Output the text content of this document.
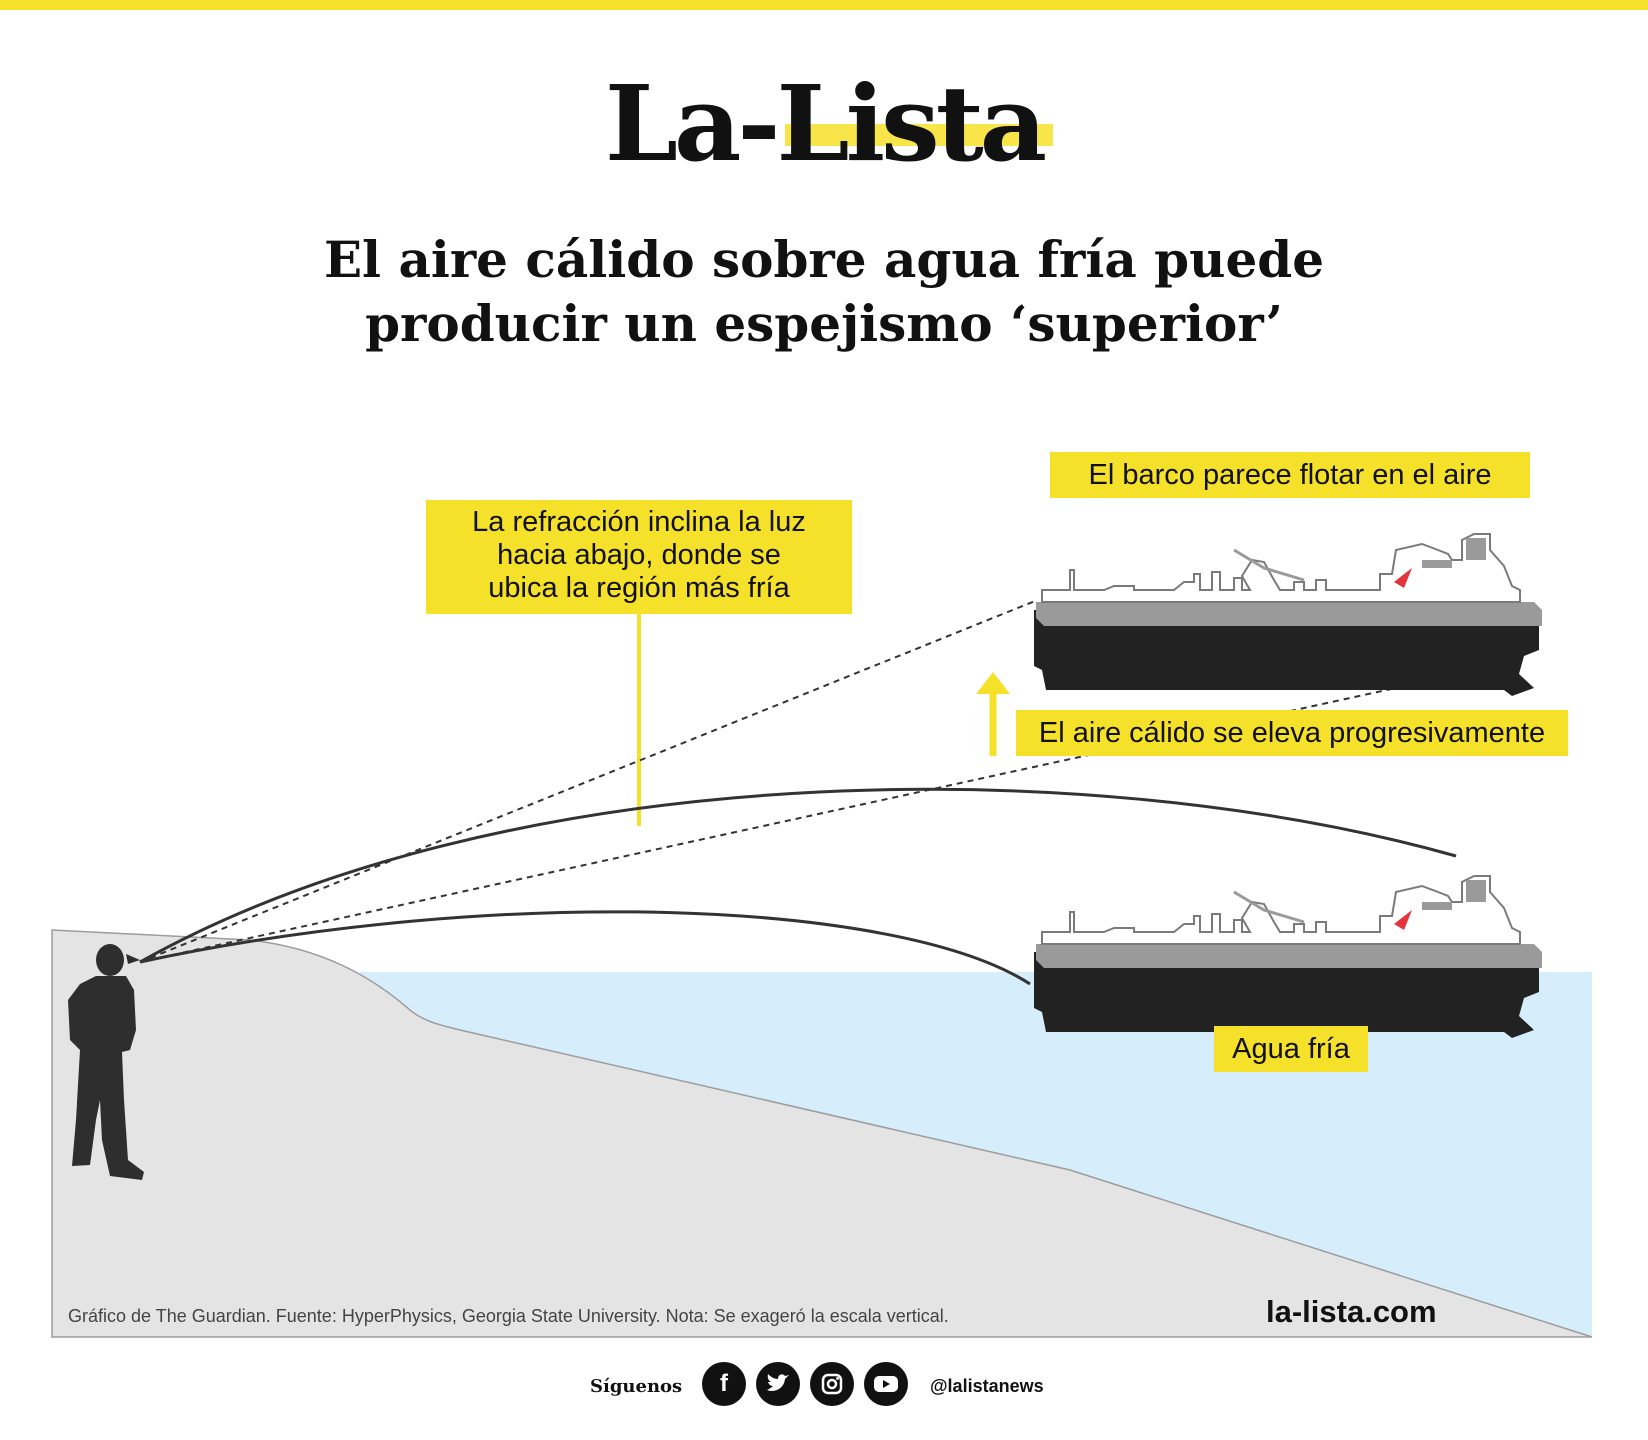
La-Lista
El aire cálido sobre agua fría puede
producir un espejismo ‘superior’
La refracción inclina la luz
hacia abajo, donde se
ubica la región más fría
El barco parece flotar en el aire
El aire cálido se eleva progresivamente
Agua fría
Gráfico de The Guardian. Fuente: HyperPhysics, Georgia State University. Nota: Se exageró la escala vertical.	la-lista.com
Síguenos	f	@lalistanews
